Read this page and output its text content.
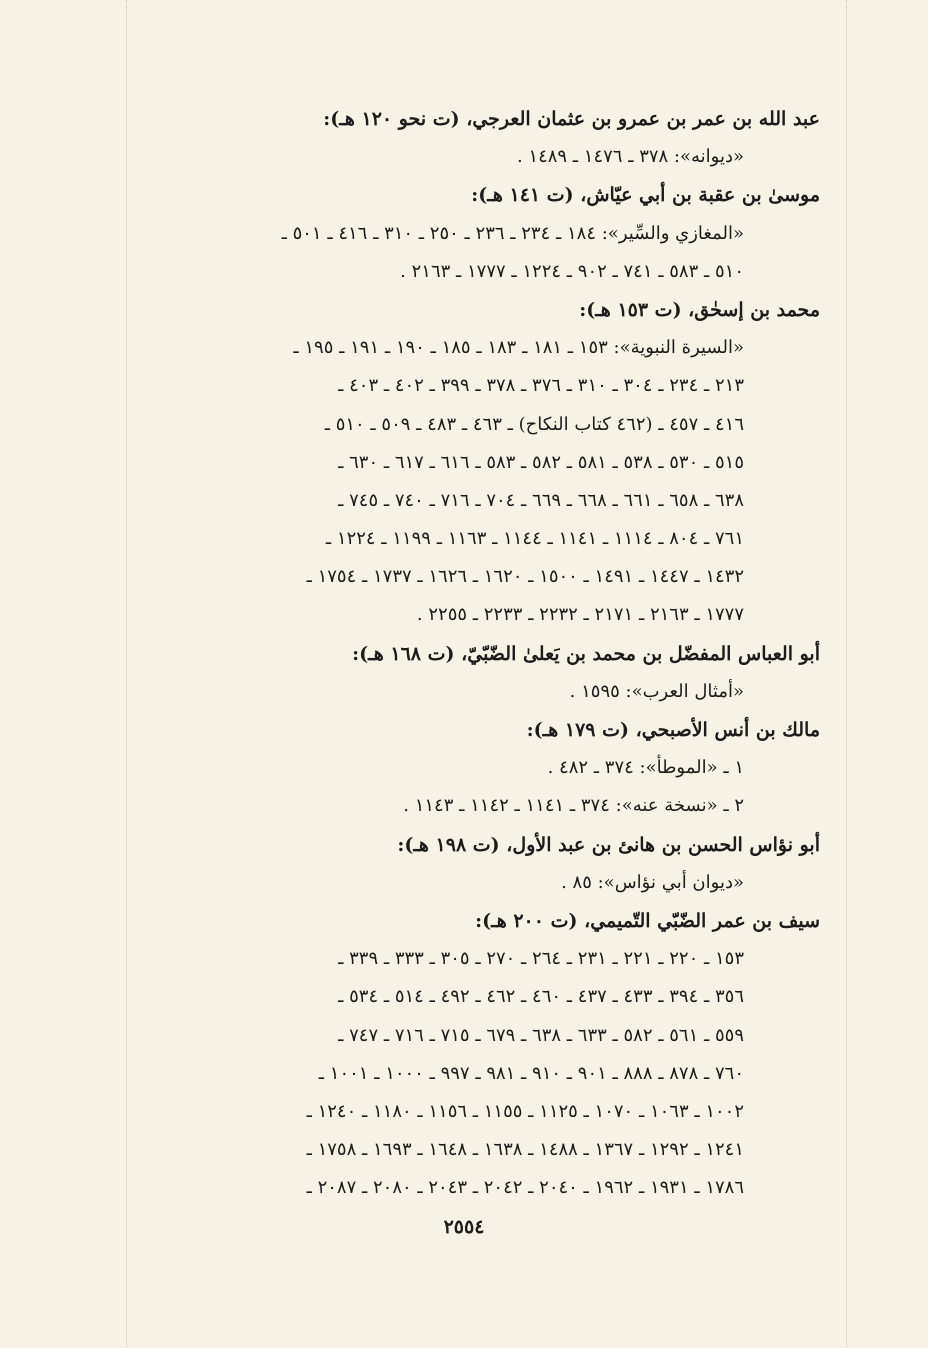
عبد الله بن عمر بن عمرو بن عثمان العرجي، (ت نحو ١٢٠ هـ):
«ديوانه»: ٣٧٨ ـ ١٤٧٦ ـ ١٤٨٩ .
موسىٰ بن عقبة بن أبي عيّاش، (ت ١٤١ هـ):
«المغازي والسِّير»: ١٨٤ ـ ٢٣٤ ـ ٢٣٦ ـ ٢٥٠ ـ ٣١٠ ـ ٤١٦ ـ ٥٠١ ـ
٥١٠ ـ ٥٨٣ ـ ٧٤١ ـ ٩٠٢ ـ ١٢٢٤ ـ ١٧٧٧ ـ ٢١٦٣ .
محمد بن إسحٰق، (ت ١٥٣ هـ):
«السيرة النبوية»: ١٥٣ ـ ١٨١ ـ ١٨٣ ـ ١٨٥ ـ ١٩٠ ـ ١٩١ ـ ١٩٥ ـ
٢١٣ ـ ٢٣٤ ـ ٣٠٤ ـ ٣١٠ ـ ٣٧٦ ـ ٣٧٨ ـ ٣٩٩ ـ ٤٠٢ ـ ٤٠٣ ـ
٤١٦ ـ ٤٥٧ ـ (٤٦٢ كتاب النكاح) ـ ٤٦٣ ـ ٤٨٣ ـ ٥٠٩ ـ ٥١٠ ـ
٥١٥ ـ ٥٣٠ ـ ٥٣٨ ـ ٥٨١ ـ ٥٨٢ ـ ٥٨٣ ـ ٦١٦ ـ ٦١٧ ـ ٦٣٠ ـ
٦٣٨ ـ ٦٥٨ ـ ٦٦١ ـ ٦٦٨ ـ ٦٦٩ ـ ٧٠٤ ـ ٧١٦ ـ ٧٤٠ ـ ٧٤٥ ـ
٧٦١ ـ ٨٠٤ ـ ١١١٤ ـ ١١٤١ ـ ١١٤٤ ـ ١١٦٣ ـ ١١٩٩ ـ ١٢٢٤ ـ
١٤٣٢ ـ ١٤٤٧ ـ ١٤٩١ ـ ١٥٠٠ ـ ١٦٢٠ ـ ١٦٢٦ ـ ١٧٣٧ ـ ١٧٥٤ ـ
١٧٧٧ ـ ٢١٦٣ ـ ٢١٧١ ـ ٢٢٣٢ ـ ٢٢٣٣ ـ ٢٢٥٥ .
أبو العباس المفضّل بن محمد بن يَعلىٰ الضّبّيّ، (ت ١٦٨ هـ):
«أمثال العرب»: ١٥٩٥ .
مالك بن أنس الأصبحي، (ت ١٧٩ هـ):
١ ـ «الموطأ»: ٣٧٤ ـ ٤٨٢ .
٢ ـ «نسخة عنه»: ٣٧٤ ـ ١١٤١ ـ ١١٤٢ ـ ١١٤٣ .
أبو نؤاس الحسن بن هانئ بن عبد الأول، (ت ١٩٨ هـ):
«ديوان أبي نؤاس»: ٨٥ .
سيف بن عمر الضّبّي التّميمي، (ت ٢٠٠ هـ):
١٥٣ ـ ٢٢٠ ـ ٢٢١ ـ ٢٣١ ـ ٢٦٤ ـ ٢٧٠ ـ ٣٠٥ ـ ٣٣٣ ـ ٣٣٩ ـ
٣٥٦ ـ ٣٩٤ ـ ٤٣٣ ـ ٤٣٧ ـ ٤٦٠ ـ ٤٦٢ ـ ٤٩٢ ـ ٥١٤ ـ ٥٣٤ ـ
٥٥٩ ـ ٥٦١ ـ ٥٨٢ ـ ٦٣٣ ـ ٦٣٨ ـ ٦٧٩ ـ ٧١٥ ـ ٧١٦ ـ ٧٤٧ ـ
٧٦٠ ـ ٨٧٨ ـ ٨٨٨ ـ ٩٠١ ـ ٩١٠ ـ ٩٨١ ـ ٩٩٧ ـ ١٠٠٠ ـ ١٠٠١ ـ
١٠٠٢ ـ ١٠٦٣ ـ ١٠٧٠ ـ ١١٢٥ ـ ١١٥٥ ـ ١١٥٦ ـ ١١٨٠ ـ ١٢٤٠ ـ
١٢٤١ ـ ١٢٩٢ ـ ١٣٦٧ ـ ١٤٨٨ ـ ١٦٣٨ ـ ١٦٤٨ ـ ١٦٩٣ ـ ١٧٥٨ ـ
١٧٨٦ ـ ١٩٣١ ـ ١٩٦٢ ـ ٢٠٤٠ ـ ٢٠٤٢ ـ ٢٠٤٣ ـ ٢٠٨٠ ـ ٢٠٨٧ ـ
٢٥٥٤
